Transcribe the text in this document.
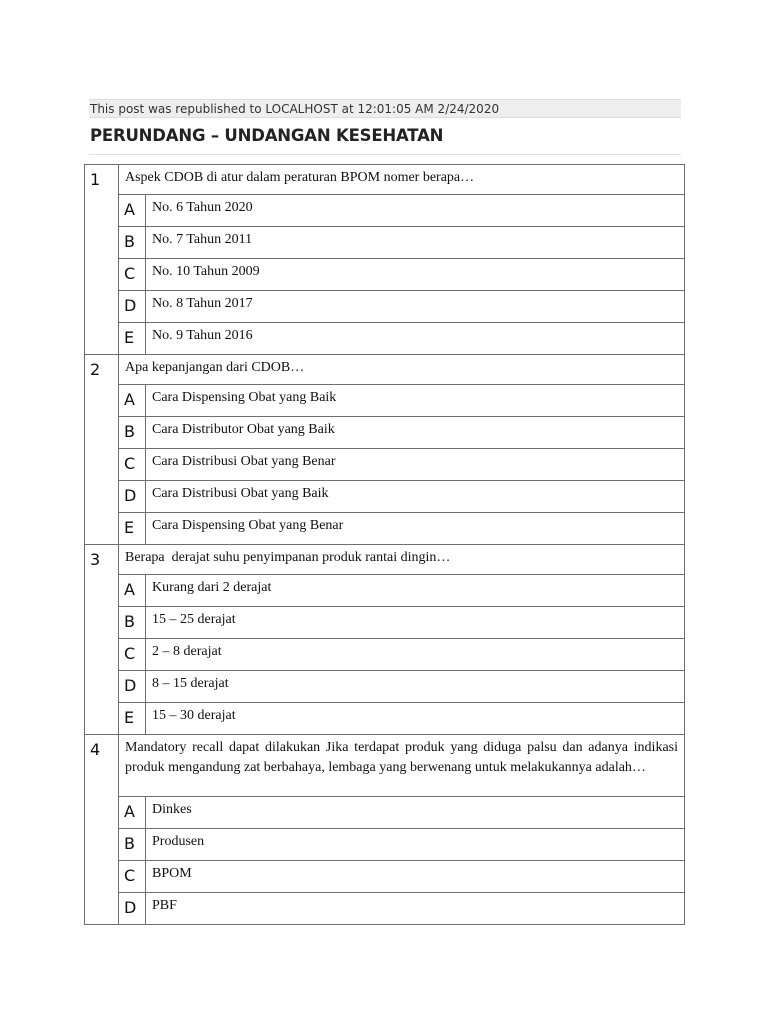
This post was republished to LOCALHOST at 12:01:05 AM 2/24/2020
PERUNDANG – UNDANGAN KESEHATAN
1	Aspek CDOB di atur dalam peraturan BPOM nomer berapa…	
	A	No. 6 Tahun 2020
	B	No. 7 Tahun 2011
	C	No. 10 Tahun 2009
	D	No. 8 Tahun 2017
	E	No. 9 Tahun 2016
2	Apa kepanjangan dari CDOB…	
	A	Cara Dispensing Obat yang Baik
	B	Cara Distributor Obat yang Baik
	C	Cara Distribusi Obat yang Benar
	D	Cara Distribusi Obat yang Baik
	E	Cara Dispensing Obat yang Benar
3	Berapa  derajat suhu penyimpanan produk rantai dingin…	
	A	Kurang dari 2 derajat
	B	15 – 25 derajat
	C	2 – 8 derajat
	D	8 – 15 derajat
	E	15 – 30 derajat
4	Mandatory recall dapat dilakukan Jika terdapat produk yang diduga palsu dan adanya indikasi produk mengandung zat berbahaya, lembaga yang berwenang untuk melakukannya adalah…	
	A	Dinkes
	B	Produsen
	C	BPOM
	D	PBF
